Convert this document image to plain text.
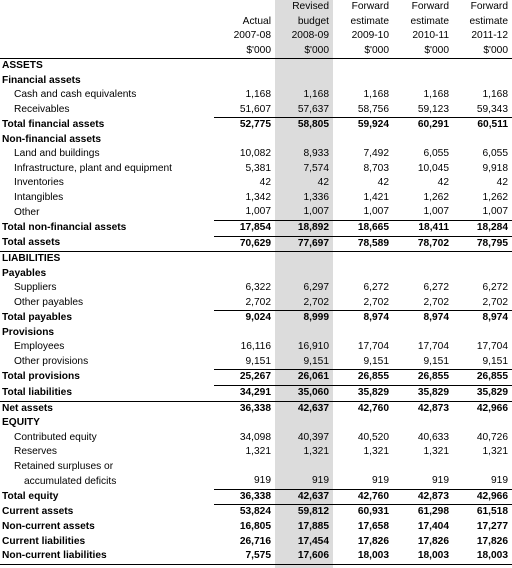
		Revised	Forward	Forward	Forward
	Actual	budget	estimate	estimate	estimate
	2007-08	2008-09	2009-10	2010-11	2011-12
	$'000	$'000	$'000	$'000	$'000
ASSETS					
Financial assets					
Cash and cash equivalents	1,168	1,168	1,168	1,168	1,168
Receivables	51,607	57,637	58,756	59,123	59,343
Total financial assets	52,775	58,805	59,924	60,291	60,511
Non-financial assets					
Land and buildings	10,082	8,933	7,492	6,055	6,055
Infrastructure, plant and equipment	5,381	7,574	8,703	10,045	9,918
Inventories	42	42	42	42	42
Intangibles	1,342	1,336	1,421	1,262	1,262
Other	1,007	1,007	1,007	1,007	1,007
Total non-financial assets	17,854	18,892	18,665	18,411	18,284
Total assets	70,629	77,697	78,589	78,702	78,795
LIABILITIES					
Payables					
Suppliers	6,322	6,297	6,272	6,272	6,272
Other payables	2,702	2,702	2,702	2,702	2,702
Total payables	9,024	8,999	8,974	8,974	8,974
Provisions					
Employees	16,116	16,910	17,704	17,704	17,704
Other provisions	9,151	9,151	9,151	9,151	9,151
Total provisions	25,267	26,061	26,855	26,855	26,855
Total liabilities	34,291	35,060	35,829	35,829	35,829
Net assets	36,338	42,637	42,760	42,873	42,966
EQUITY					
Contributed equity	34,098	40,397	40,520	40,633	40,726
Reserves	1,321	1,321	1,321	1,321	1,321
Retained surpluses or					
accumulated deficits	919	919	919	919	919
Total equity	36,338	42,637	42,760	42,873	42,966
Current assets	53,824	59,812	60,931	61,298	61,518
Non-current assets	16,805	17,885	17,658	17,404	17,277
Current liabilities	26,716	17,454	17,826	17,826	17,826
Non-current liabilities	7,575	17,606	18,003	18,003	18,003
